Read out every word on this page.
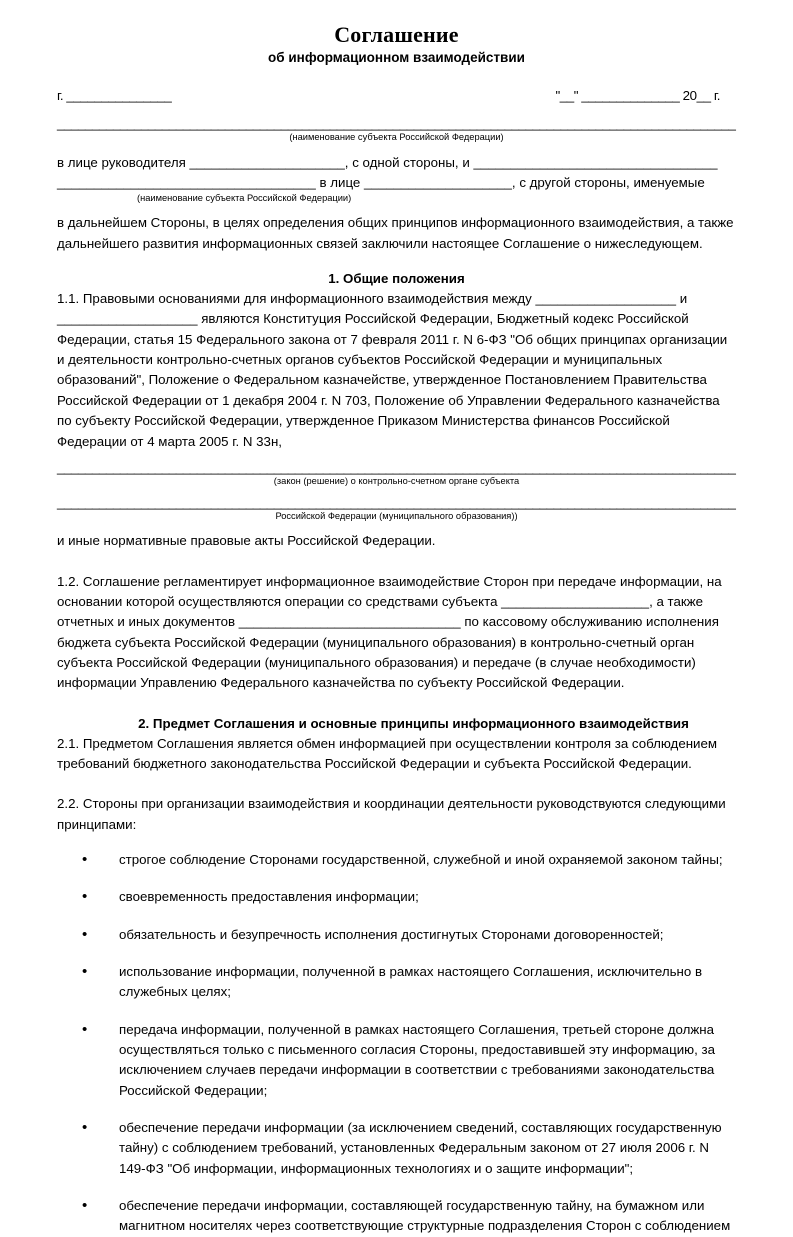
Соглашение
об информационном взаимодействии
г. _______________	"__" ______________ 20__ г.
_________________________________________________________________________________________________
(наименование субъекта Российской Федерации)

в лице руководителя _____________________, с одной стороны, и _________________________________

___________________________________ в лице ____________________, с другой стороны, именуемые

(наименование субъекта Российской Федерации)

в дальнейшем Стороны, в целях определения общих принципов информационного взаимодействия, а также дальнейшего развития информационных связей заключили настоящее Соглашение о нижеследующем.

1. Общие положения

1.1. Правовыми основаниями для информационного взаимодействия между ___________________ и ___________________ являются Конституция Российской Федерации, Бюджетный кодекс Российской Федерации, статья 15 Федерального закона от 7 февраля 2011 г. N 6-ФЗ "Об общих принципах организации и деятельности контрольно-счетных органов субъектов Российской Федерации и муниципальных образований", Положение о Федеральном казначействе, утвержденное Постановлением Правительства Российской Федерации от 1 декабря 2004 г. N 703, Положение об Управлении Федерального казначейства по субъекту Российской Федерации, утвержденное Приказом Министерства финансов Российской Федерации от 4 марта 2005 г. N 33н,

_________________________________________________________________________________________________
(закон (решение) о контрольно-счетном органе субъекта
_________________________________________________________________________________________________
Российской Федерации (муниципального образования))

и иные нормативные правовые акты Российской Федерации.

1.2. Соглашение регламентирует информационное взаимодействие Сторон при передаче информации, на основании которой осуществляются операции со средствами субъекта ____________________, а также отчетных и иных документов ______________________________ по кассовому обслуживанию исполнения бюджета субъекта Российской Федерации (муниципального образования) в контрольно-счетный орган субъекта Российской Федерации (муниципального образования) и передаче (в случае необходимости) информации Управлению Федерального казначейства по субъекту Российской Федерации.

2. Предмет Соглашения и основные принципы информационного взаимодействия

2.1. Предметом Соглашения является обмен информацией при осуществлении контроля за соблюдением требований бюджетного законодательства Российской Федерации и субъекта Российской Федерации.

2.2. Стороны при организации взаимодействия и координации деятельности руководствуются следующими принципами:

• строгое соблюдение Сторонами государственной, служебной и иной охраняемой законом тайны;
• своевременность предоставления информации;
• обязательность и безупречность исполнения достигнутых Сторонами договоренностей;
• использование информации, полученной в рамках настоящего Соглашения, исключительно в служебных целях;
• передача информации, полученной в рамках настоящего Соглашения, третьей стороне должна осуществляться только с письменного согласия Стороны, предоставившей эту информацию, за исключением случаев передачи информации в соответствии с требованиями законодательства Российской Федерации;
• обеспечение передачи информации (за исключением сведений, составляющих государственную тайну) с соблюдением требований, установленных Федеральным законом от 27 июля 2006 г. N 149-ФЗ "Об информации, информационных технологиях и о защите информации";
• обеспечение передачи информации, составляющей государственную тайну, на бумажном или магнитном носителях через соответствующие структурные подразделения Сторон с соблюдением
